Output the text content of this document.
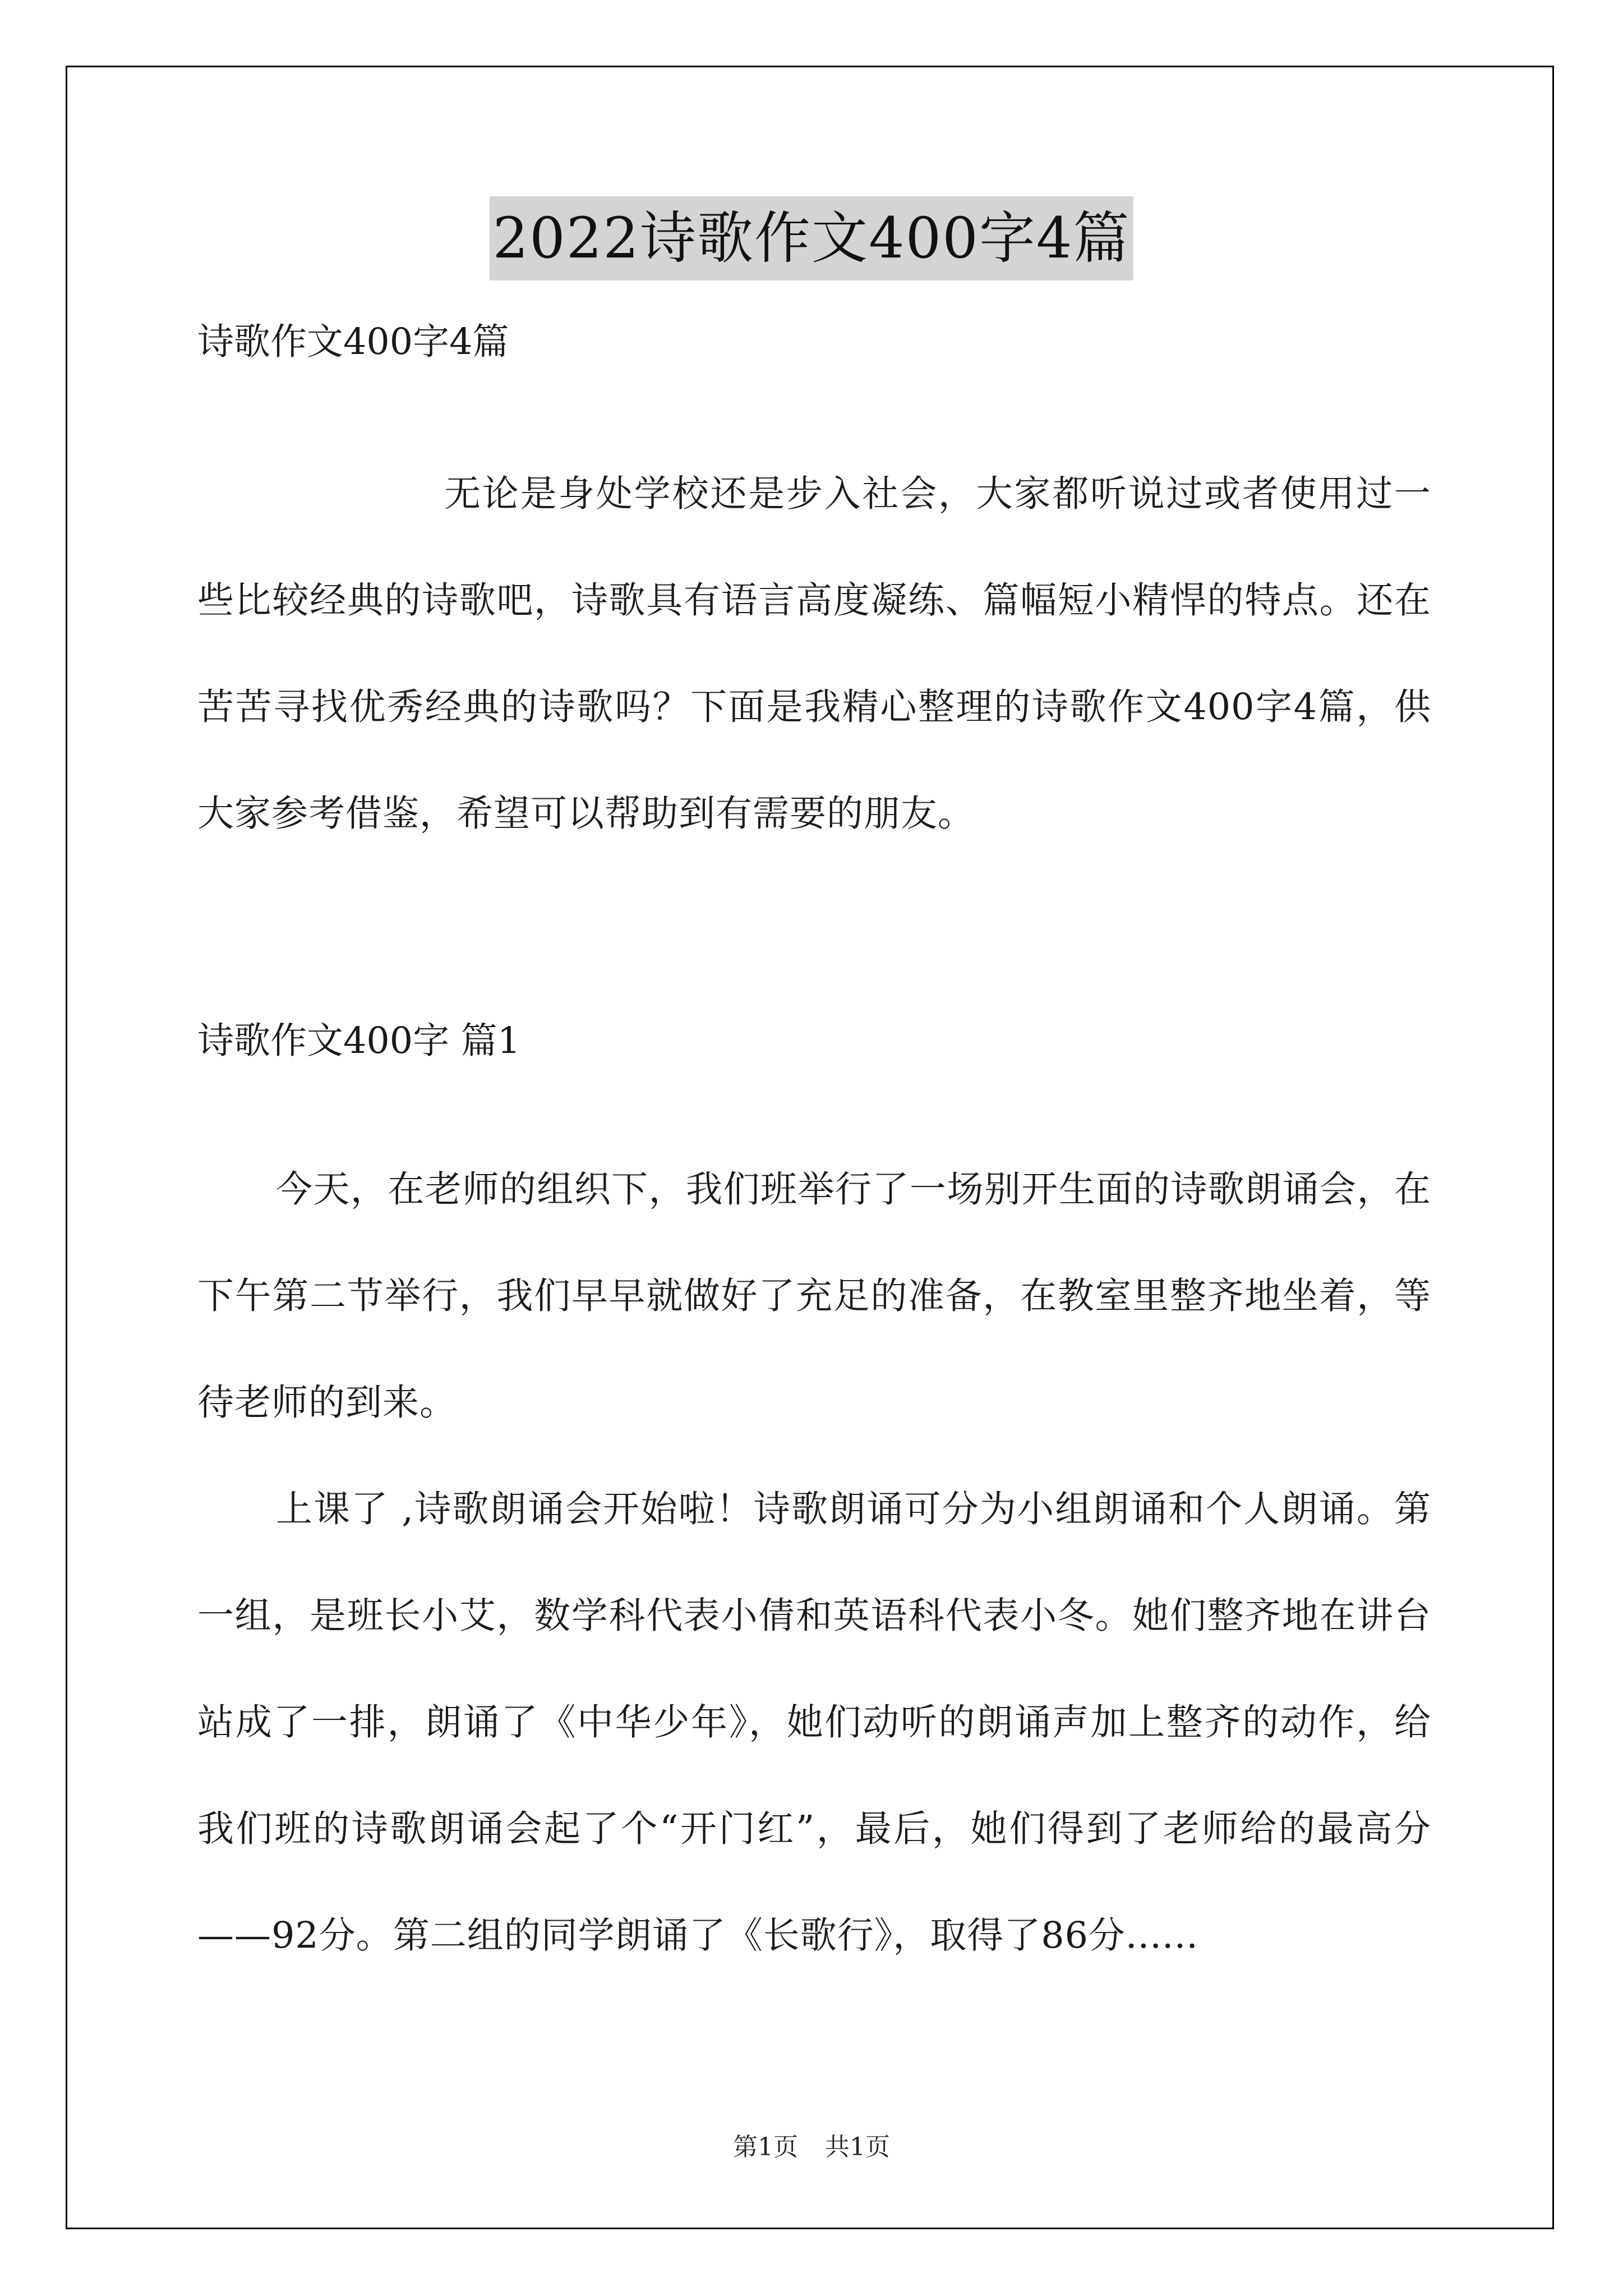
2022诗歌作文400字4篇

诗歌作文400字4篇

无论是身处学校还是步入社会，大家都听说过或者使用过一些比较经典的诗歌吧，诗歌具有语言高度凝练、篇幅短小精悍的特点。还在苦苦寻找优秀经典的诗歌吗？下面是我精心整理的诗歌作文400字4篇，供大家参考借鉴，希望可以帮助到有需要的朋友。

诗歌作文400字 篇1

今天，在老师的组织下，我们班举行了一场别开生面的诗歌朗诵会，在下午第二节举行，我们早早就做好了充足的准备，在教室里整齐地坐着，等待老师的到来。

上课了 ,诗歌朗诵会开始啦！诗歌朗诵可分为小组朗诵和个人朗诵。第一组，是班长小艾，数学科代表小倩和英语科代表小冬。她们整齐地在讲台站成了一排，朗诵了《中华少年》，她们动听的朗诵声加上整齐的动作，给我们班的诗歌朗诵会起了个“开门红”，最后，她们得到了老师给的最高分——92分。第二组的同学朗诵了《长歌行》，取得了86分......

第1页 共1页
